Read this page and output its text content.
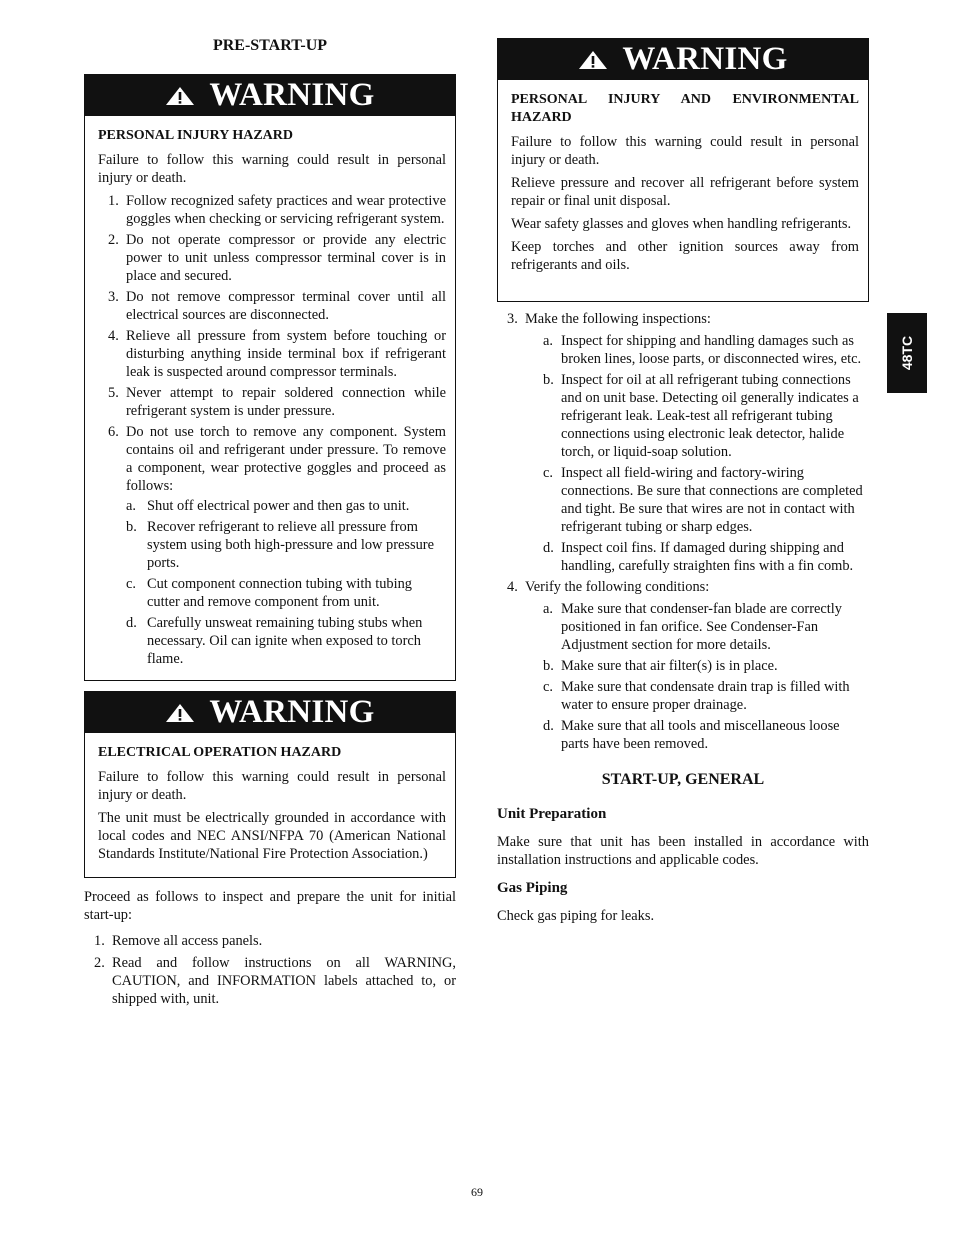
PRE-START-UP
WARNING
PERSONAL INJURY HAZARD

Failure to follow this warning could result in personal injury or death.

1. Follow recognized safety practices and wear protective goggles when checking or servicing refrigerant system.
2. Do not operate compressor or provide any electric power to unit unless compressor terminal cover is in place and secured.
3. Do not remove compressor terminal cover until all electrical sources are disconnected.
4. Relieve all pressure from system before touching or disturbing anything inside terminal box if refrigerant leak is suspected around compressor terminals.
5. Never attempt to repair soldered connection while refrigerant system is under pressure.
6. Do not use torch to remove any component. System contains oil and refrigerant under pressure. To remove a component, wear protective goggles and proceed as follows:
a. Shut off electrical power and then gas to unit.
b. Recover refrigerant to relieve all pressure from system using both high-pressure and low pressure ports.
c. Cut component connection tubing with tubing cutter and remove component from unit.
d. Carefully unsweat remaining tubing stubs when necessary. Oil can ignite when exposed to torch flame.
WARNING
ELECTRICAL OPERATION HAZARD

Failure to follow this warning could result in personal injury or death.

The unit must be electrically grounded in accordance with local codes and NEC ANSI/NFPA 70 (American National Standards Institute/National Fire Protection Association.)

Proceed as follows to inspect and prepare the unit for initial start-up:

1. Remove all access panels.
2. Read and follow instructions on all WARNING, CAUTION, and INFORMATION labels attached to, or shipped with, unit.
WARNING
PERSONAL INJURY AND ENVIRONMENTAL HAZARD

Failure to follow this warning could result in personal injury or death.

Relieve pressure and recover all refrigerant before system repair or final unit disposal.

Wear safety glasses and gloves when handling refrigerants.

Keep torches and other ignition sources away from refrigerants and oils.

3. Make the following inspections:
a. Inspect for shipping and handling damages such as broken lines, loose parts, or disconnected wires, etc.
b. Inspect for oil at all refrigerant tubing connections and on unit base. Detecting oil generally indicates a refrigerant leak. Leak-test all refrigerant tubing connections using electronic leak detector, halide torch, or liquid-soap solution.
c. Inspect all field-wiring and factory-wiring connections. Be sure that connections are completed and tight. Be sure that wires are not in contact with refrigerant tubing or sharp edges.
d. Inspect coil fins. If damaged during shipping and handling, carefully straighten fins with a fin comb.
4. Verify the following conditions:
a. Make sure that condenser-fan blade are correctly positioned in fan orifice. See Condenser-Fan Adjustment section for more details.
b. Make sure that air filter(s) is in place.
c. Make sure that condensate drain trap is filled with water to ensure proper drainage.
d. Make sure that all tools and miscellaneous loose parts have been removed.
START-UP, GENERAL
Unit Preparation

Make sure that unit has been installed in accordance with installation instructions and applicable codes.

Gas Piping

Check gas piping for leaks.

48TC
69
